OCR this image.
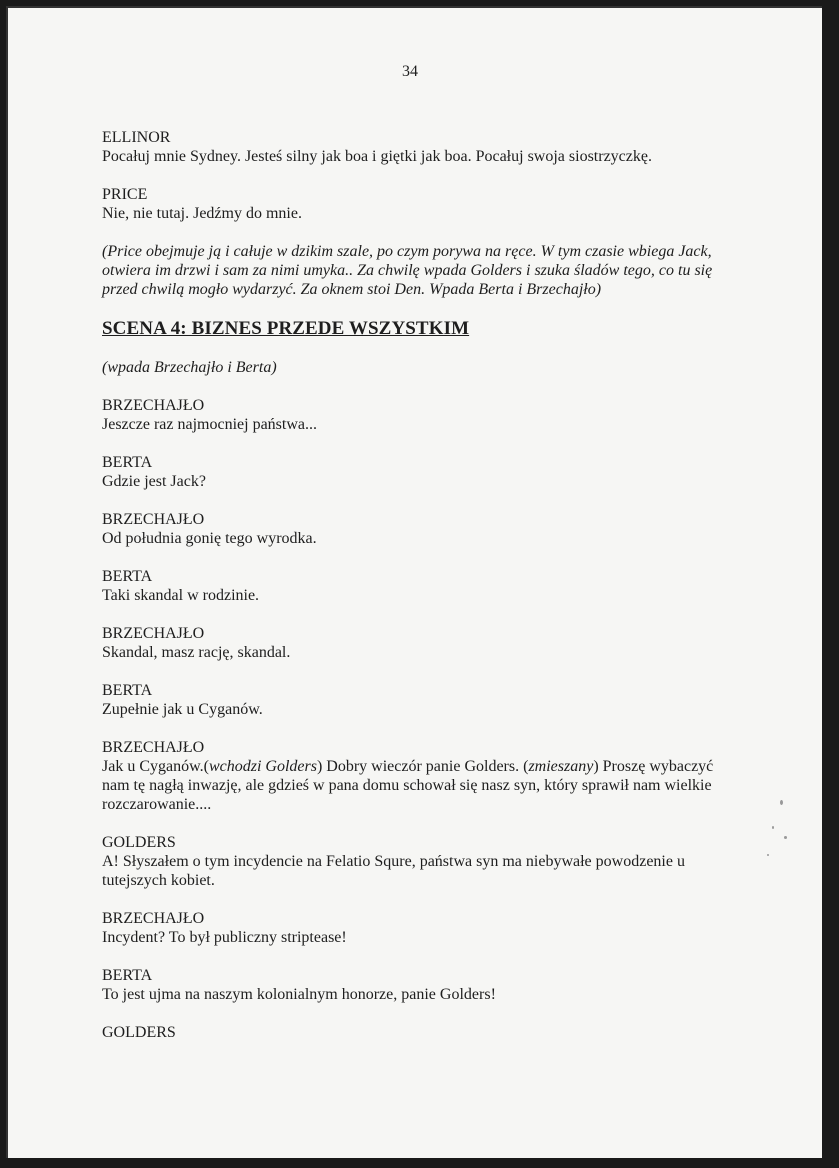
34
ELLINOR
Pocałuj mnie Sydney. Jesteś silny jak boa i giętki jak boa. Pocałuj swoja siostrzyczkę.
PRICE
Nie, nie tutaj. Jedźmy do mnie.
(Price obejmuje ją i całuje w dzikim szale, po czym porywa na ręce. W tym czasie wbiega Jack, otwiera im drzwi i sam za nimi umyka.. Za chwilę wpada Golders i szuka śladów tego, co tu się przed chwilą mogło wydarzyć. Za oknem stoi Den. Wpada Berta i Brzechajło)
SCENA 4: BIZNES PRZEDE WSZYSTKIM
(wpada Brzechajło i Berta)
BRZECHAJŁO
Jeszcze raz najmocniej państwa...
BERTA
Gdzie jest Jack?
BRZECHAJŁO
Od południa gonię tego wyrodka.
BERTA
Taki skandal w rodzinie.
BRZECHAJŁO
Skandal, masz rację, skandal.
BERTA
Zupełnie jak u Cyganów.
BRZECHAJŁO
Jak u Cyganów.(wchodzi Golders) Dobry wieczór panie Golders. (zmieszany) Proszę wybaczyć nam tę nagłą inwazję, ale gdzieś w pana domu schował się nasz syn, który sprawił nam wielkie rozczarowanie....
GOLDERS
A! Słyszałem o tym incydencie na Felatio Squre, państwa syn ma niebywałe powodzenie u tutejszych kobiet.
BRZECHAJŁO
Incydent? To był publiczny striptease!
BERTA
To jest ujma na naszym kolonialnym honorze, panie Golders!
GOLDERS
